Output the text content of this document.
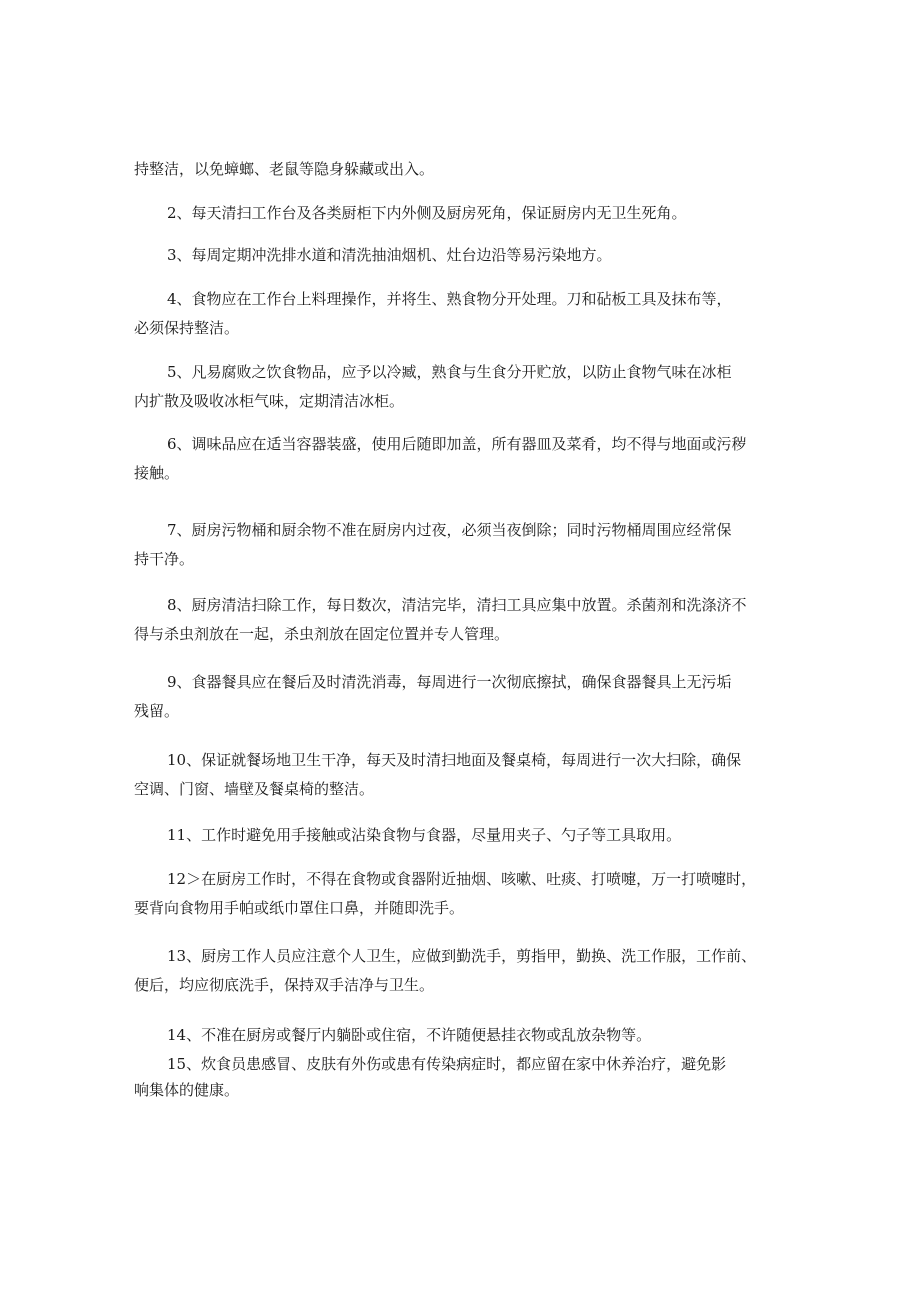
持整洁，以免蟑螂、老鼠等隐身躲藏或出入。

2、每天清扫工作台及各类厨柜下内外侧及厨房死角，保证厨房内无卫生死角。

3、每周定期冲洗排水道和清洗抽油烟机、灶台边沿等易污染地方。

4、食物应在工作台上料理操作，并将生、熟食物分开处理。刀和砧板工具及抹布等，
必须保持整洁。

5、凡易腐败之饮食物品，应予以冷臧，熟食与生食分开贮放，以防止食物气味在冰柜
内扩散及吸收冰柜气味，定期清洁冰柜。

6、调味品应在适当容器装盛，使用后随即加盖，所有器皿及菜肴，均不得与地面或污秽
接触。

7、厨房污物桶和厨余物不准在厨房内过夜，必须当夜倒除；同时污物桶周围应经常保
持干净。

8、厨房清洁扫除工作，每日数次，清洁完毕，清扫工具应集中放置。杀菌剂和洗涤济不
得与杀虫剂放在一起，杀虫剂放在固定位置并专人管理。

9、食器餐具应在餐后及时清洗消毒，每周进行一次彻底擦拭，确保食器餐具上无污垢
残留。

10、保证就餐场地卫生干净，每天及时清扫地面及餐桌椅，每周进行一次大扫除，确保
空调、门窗、墙壁及餐桌椅的整洁。

11、工作时避免用手接触或沾染食物与食器，尽量用夹子、勺子等工具取用。

12＞在厨房工作时，不得在食物或食器附近抽烟、咳嗽、吐痰、打喷嚏，万一打喷嚏时，
要背向食物用手帕或纸巾罩住口鼻，并随即洗手。

13、厨房工作人员应注意个人卫生，应做到勤洗手，剪指甲，勤换、洗工作服，工作前、
便后，均应彻底洗手，保持双手洁净与卫生。

14、不准在厨房或餐厅内躺卧或住宿，不许随便悬挂衣物或乱放杂物等。

15、炊食员患感冒、皮肤有外伤或患有传染病症时，都应留在家中休养治疗，避免影
响集体的健康。
